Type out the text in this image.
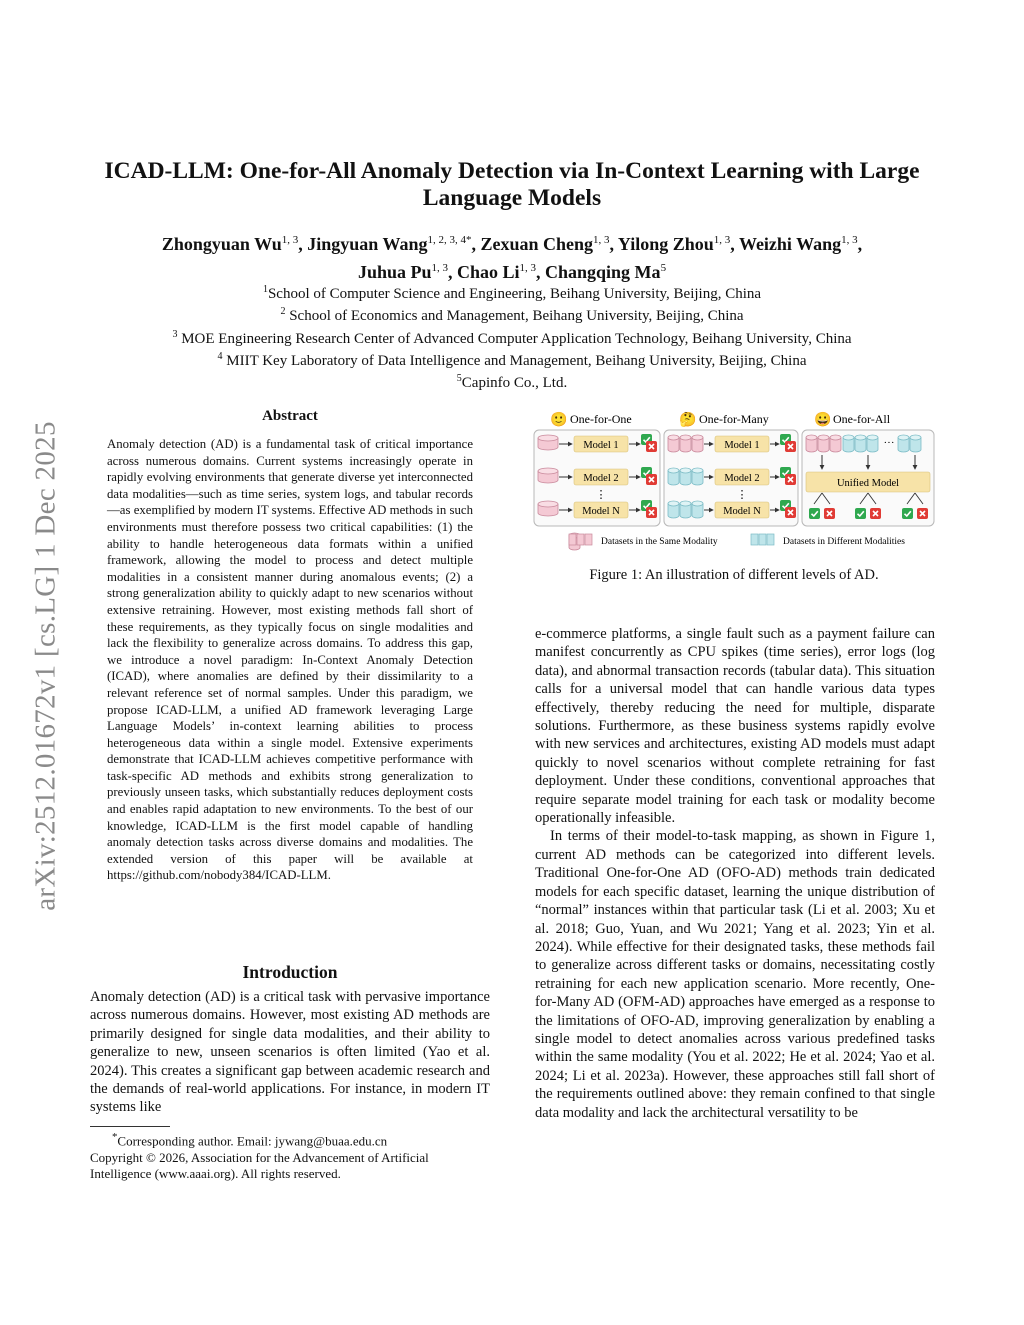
arXiv:2512.01672v1 [cs.LG] 1 Dec 2025
ICAD-LLM: One-for-All Anomaly Detection via In-Context Learning with Large Language Models
Zhongyuan Wu$^{1, 3}$, Jingyuan Wang$^{1, 2, 3, 4*}$, Zexuan Cheng$^{1, 3}$, Yilong Zhou$^{1, 3}$, Weizhi Wang$^{1, 3}$,
Juhua Pu$^{1, 3}$, Chao Li$^{1, 3}$, Changqing Ma$^5$
$^1$School of Computer Science and Engineering, Beihang University, Beijing, China
$^2$ School of Economics and Management, Beihang University, Beijing, China
$^3$ MOE Engineering Research Center of Advanced Computer Application Technology, Beihang University, China
$^4$ MIIT Key Laboratory of Data Intelligence and Management, Beihang University, Beijing, China
$^5$Capinfo Co., Ltd.
Abstract
Anomaly detection (AD) is a fundamental task of critical importance across numerous domains. Current systems increasingly operate in rapidly evolving environments that generate diverse yet interconnected data modalities—such as time series, system logs, and tabular records—as exemplified by modern IT systems. Effective AD methods in such environments must therefore possess two critical capabilities: (1) the ability to handle heterogeneous data formats within a unified framework, allowing the model to process and detect multiple modalities in a consistent manner during anomalous events; (2) a strong generalization ability to quickly adapt to new scenarios without extensive retraining. However, most existing methods fall short of these requirements, as they typically focus on single modalities and lack the flexibility to generalize across domains. To address this gap, we introduce a novel paradigm: In-Context Anomaly Detection (ICAD), where anomalies are defined by their dissimilarity to a relevant reference set of normal samples. Under this paradigm, we propose ICAD-LLM, a unified AD framework leveraging Large Language Models’ in-context learning abilities to process heterogeneous data within a single model. Extensive experiments demonstrate that ICAD-LLM achieves competitive performance with task-specific AD methods and exhibits strong generalization to previously unseen tasks, which substantially reduces deployment costs and enables rapid adaptation to new environments. To the best of our knowledge, ICAD-LLM is the first model capable of handling anomaly detection tasks across diverse domains and modalities. The extended version of this paper will be available at https://github.com/nobody384/ICAD-LLM.
Introduction
Anomaly detection (AD) is a critical task with pervasive importance across numerous domains. However, most existing AD methods are primarily designed for single data modalities, and their ability to generalize to new, unseen scenarios is often limited (Yao et al. 2024). This creates a significant gap between academic research and the demands of real-world applications. For instance, in modern IT systems like

*Corresponding author. Email: jywang@buaa.edu.cn

Copyright © 2026, Association for the Advancement of Artificial Intelligence (www.aaai.org). All rights reserved.

🙂 One-for-One	🤔 One-for-Many	😀 One-for-All
Model 1
Model 2
Model N
⋮
Model 1
Model 2
Model N
⋮
···
Unified Model
Datasets in the Same Modality	Datasets in Different Modalities
Figure 1: An illustration of different levels of AD.

e-commerce platforms, a single fault such as a payment failure can manifest concurrently as CPU spikes (time series), error logs (log data), and abnormal transaction records (tabular data). This situation calls for a universal model that can handle various data types effectively, thereby reducing the need for multiple, disparate solutions. Furthermore, as these business systems rapidly evolve with new services and architectures, existing AD models must adapt quickly to novel scenarios without complete retraining for fast deployment. Under these conditions, conventional approaches that require separate model training for each task or modality become operationally infeasible.

In terms of their model-to-task mapping, as shown in Figure 1, current AD methods can be categorized into different levels. Traditional One-for-One AD (OFO-AD) methods train dedicated models for each specific dataset, learning the unique distribution of “normal” instances within that particular task (Li et al. 2003; Xu et al. 2018; Guo, Yuan, and Wu 2021; Yang et al. 2023; Yin et al. 2024). While effective for their designated tasks, these methods fail to generalize across different tasks or domains, necessitating costly retraining for each new application scenario. More recently, One-for-Many AD (OFM-AD) approaches have emerged as a response to the limitations of OFO-AD, improving generalization by enabling a single model to detect anomalies across various predefined tasks within the same modality (You et al. 2022; He et al. 2024; Yao et al. 2024; Li et al. 2023a). However, these approaches still fall short of the requirements outlined above: they remain confined to that single data modality and lack the architectural versatility to be
